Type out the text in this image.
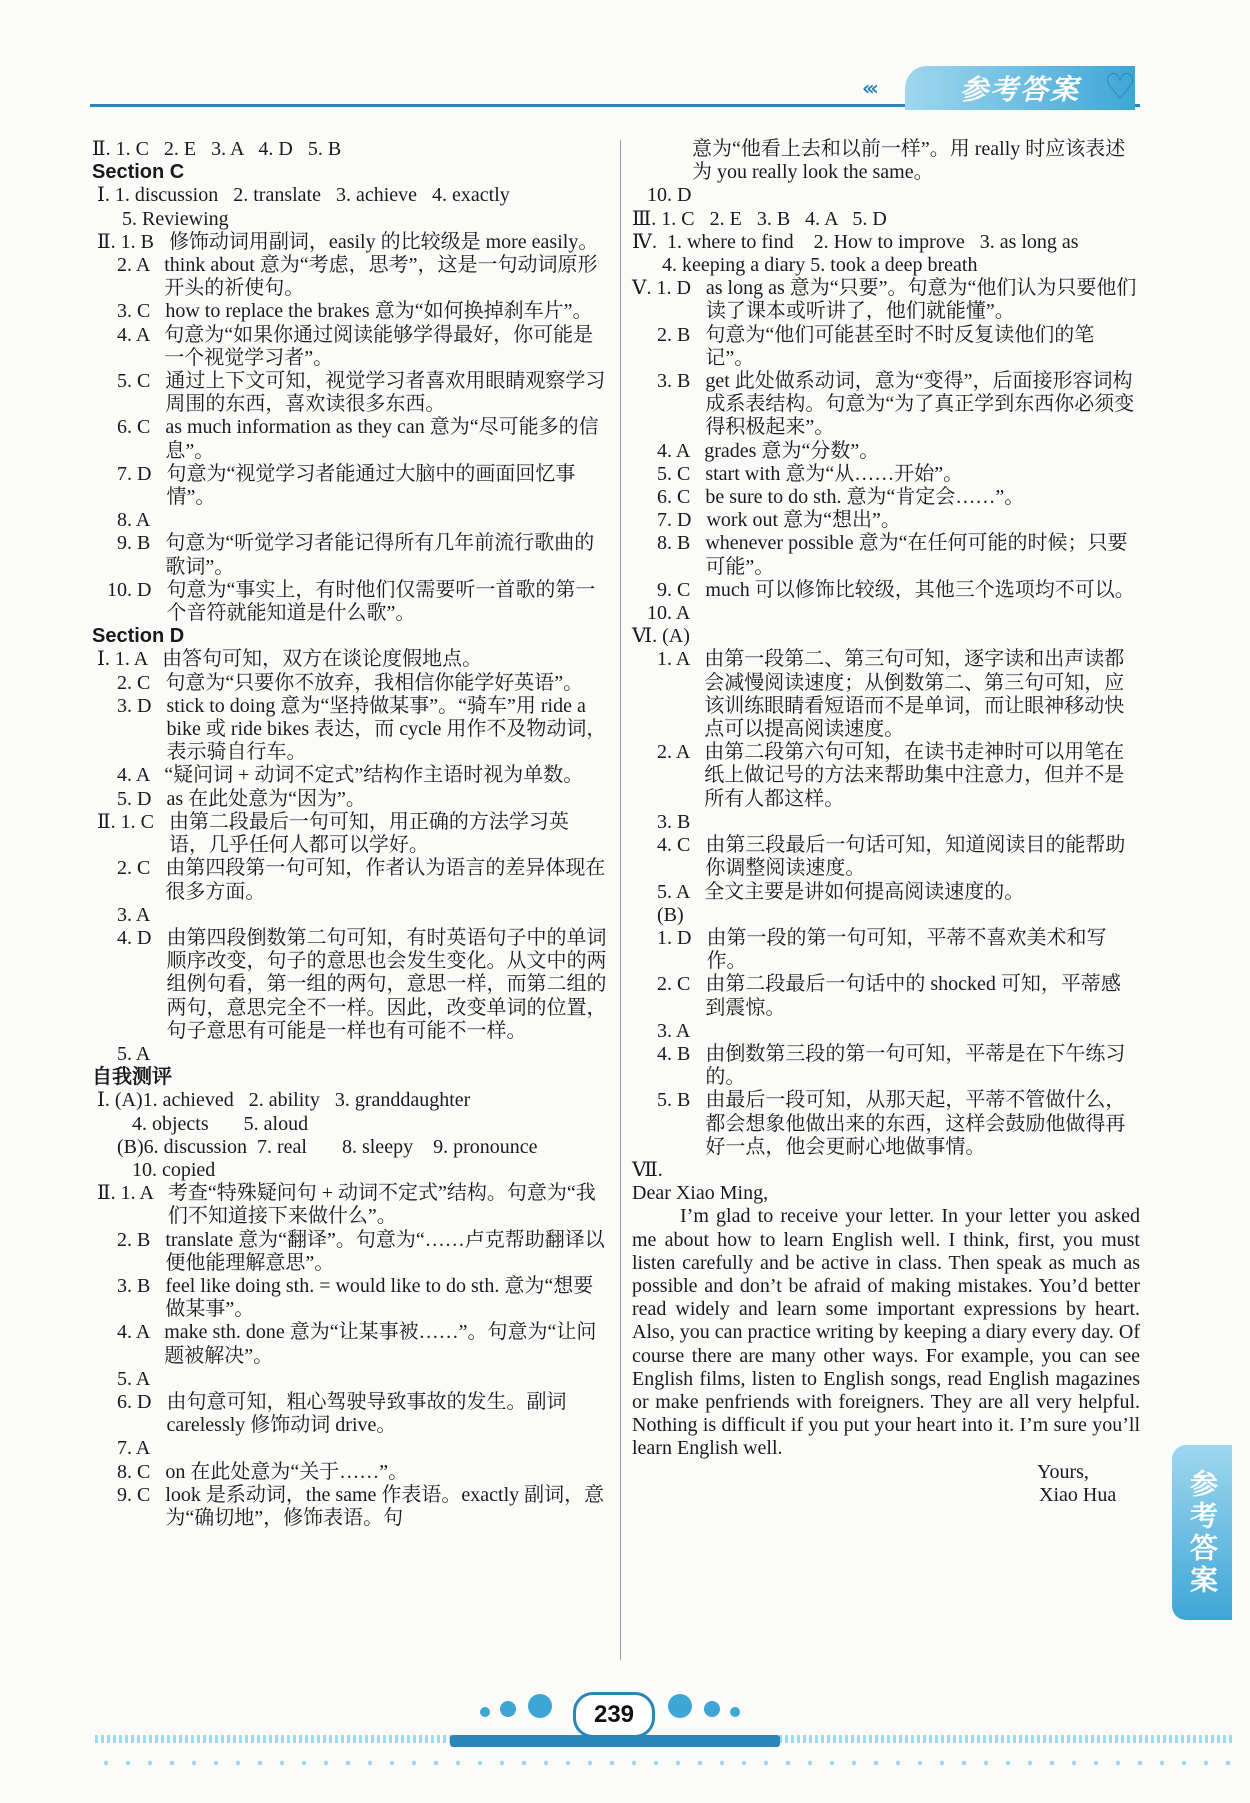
‹‹‹	参考答案 ♡
Ⅱ. 1. C   2. E   3. A   4. D   5. B
Section C
Ⅰ. 1. discussion   2. translate   3. achieve   4. exactly
5. Reviewing
Ⅱ. 1. B 修饰动词用副词，easily 的比较级是 more easily。
2. A think about 意为“考虑，思考”，这是一句动词原形开头的祈使句。
3. C how to replace the brakes 意为“如何换掉刹车片”。
4. A 句意为“如果你通过阅读能够学得最好，你可能是一个视觉学习者”。
5. C 通过上下文可知，视觉学习者喜欢用眼睛观察学习周围的东西，喜欢读很多东西。
6. C as much information as they can 意为“尽可能多的信息”。
7. D 句意为“视觉学习者能通过大脑中的画面回忆事情”。
8. A
9. B 句意为“听觉学习者能记得所有几年前流行歌曲的歌词”。
10. D 句意为“事实上，有时他们仅需要听一首歌的第一个音符就能知道是什么歌”。
Section D
Ⅰ. 1. A 由答句可知，双方在谈论度假地点。
2. C 句意为“只要你不放弃，我相信你能学好英语”。
3. D stick to doing 意为“坚持做某事”。“骑车”用 ride a bike 或 ride bikes 表达，而 cycle 用作不及物动词，表示骑自行车。
4. A “疑问词 + 动词不定式”结构作主语时视为单数。
5. D as 在此处意为“因为”。
Ⅱ. 1. C 由第二段最后一句可知，用正确的方法学习英语，几乎任何人都可以学好。
2. C 由第四段第一句可知，作者认为语言的差异体现在很多方面。
3. A
4. D 由第四段倒数第二句可知，有时英语句子中的单词顺序改变，句子的意思也会发生变化。从文中的两组例句看，第一组的两句，意思一样，而第二组的两句，意思完全不一样。因此，改变单词的位置，句子意思有可能是一样也有可能不一样。
5. A
自我测评
Ⅰ. (A)1. achieved   2. ability   3. granddaughter
4. objects       5. aloud
(B)6. discussion  7. real       8. sleepy    9. pronounce
10. copied
Ⅱ. 1. A 考查“特殊疑问句 + 动词不定式”结构。句意为“我们不知道接下来做什么”。
2. B translate 意为“翻译”。句意为“……卢克帮助翻译以便他能理解意思”。
3. B feel like doing sth. = would like to do sth. 意为“想要做某事”。
4. A make sth. done 意为“让某事被……”。句意为“让问题被解决”。
5. A
6. D 由句意可知，粗心驾驶导致事故的发生。副词 carelessly 修饰动词 drive。
7. A
8. C on 在此处意为“关于……”。
9. C look 是系动词，the same 作表语。exactly 副词，意为“确切地”，修饰表语。句

意为“他看上去和以前一样”。用 really 时应该表述为 you really look the same。
10. D
Ⅲ. 1. C   2. E   3. B   4. A   5. D
Ⅳ.  1. where to find    2. How to improve   3. as long as
4. keeping a diary 5. took a deep breath
Ⅴ. 1. D as long as 意为“只要”。句意为“他们认为只要他们读了课本或听讲了，他们就能懂”。
2. B 句意为“他们可能甚至时不时反复读他们的笔记”。
3. B get 此处做系动词，意为“变得”，后面接形容词构成系表结构。句意为“为了真正学到东西你必须变得积极起来”。
4. A grades 意为“分数”。
5. C start with 意为“从……开始”。
6. C be sure to do sth. 意为“肯定会……”。
7. D work out 意为“想出”。
8. B whenever possible 意为“在任何可能的时候；只要可能”。
9. C much 可以修饰比较级，其他三个选项均不可以。
10. A
Ⅵ. (A)
1. A 由第一段第二、第三句可知，逐字读和出声读都会减慢阅读速度；从倒数第二、第三句可知，应该训练眼睛看短语而不是单词，而让眼神移动快点可以提高阅读速度。
2. A 由第二段第六句可知，在读书走神时可以用笔在纸上做记号的方法来帮助集中注意力，但并不是所有人都这样。
3. B
4. C 由第三段最后一句话可知，知道阅读目的能帮助你调整阅读速度。
5. A 全文主要是讲如何提高阅读速度的。
(B)
1. D 由第一段的第一句可知，平蒂不喜欢美术和写作。
2. C 由第二段最后一句话中的 shocked 可知，平蒂感到震惊。
3. A
4. B 由倒数第三段的第一句可知，平蒂是在下午练习的。
5. B 由最后一段可知，从那天起，平蒂不管做什么，都会想象他做出来的东西，这样会鼓励他做得再好一点，他会更耐心地做事情。
Ⅶ.
Dear Xiao Ming,

I’m glad to receive your letter. In your letter you asked me about how to learn English well. I think, first, you must listen carefully and be active in class. Then speak as much as possible and don’t be afraid of making mistakes. You’d better read widely and learn some important expressions by heart. Also, you can practice writing by keeping a diary every day. Of course there are many other ways. For example, you can see English films, listen to English songs, read English magazines or make penfriends with foreigners. They are all very helpful. Nothing is difficult if you put your heart into it. I’m sure you’ll learn English well.

Yours,
Xiao Hua	参考答案
239
